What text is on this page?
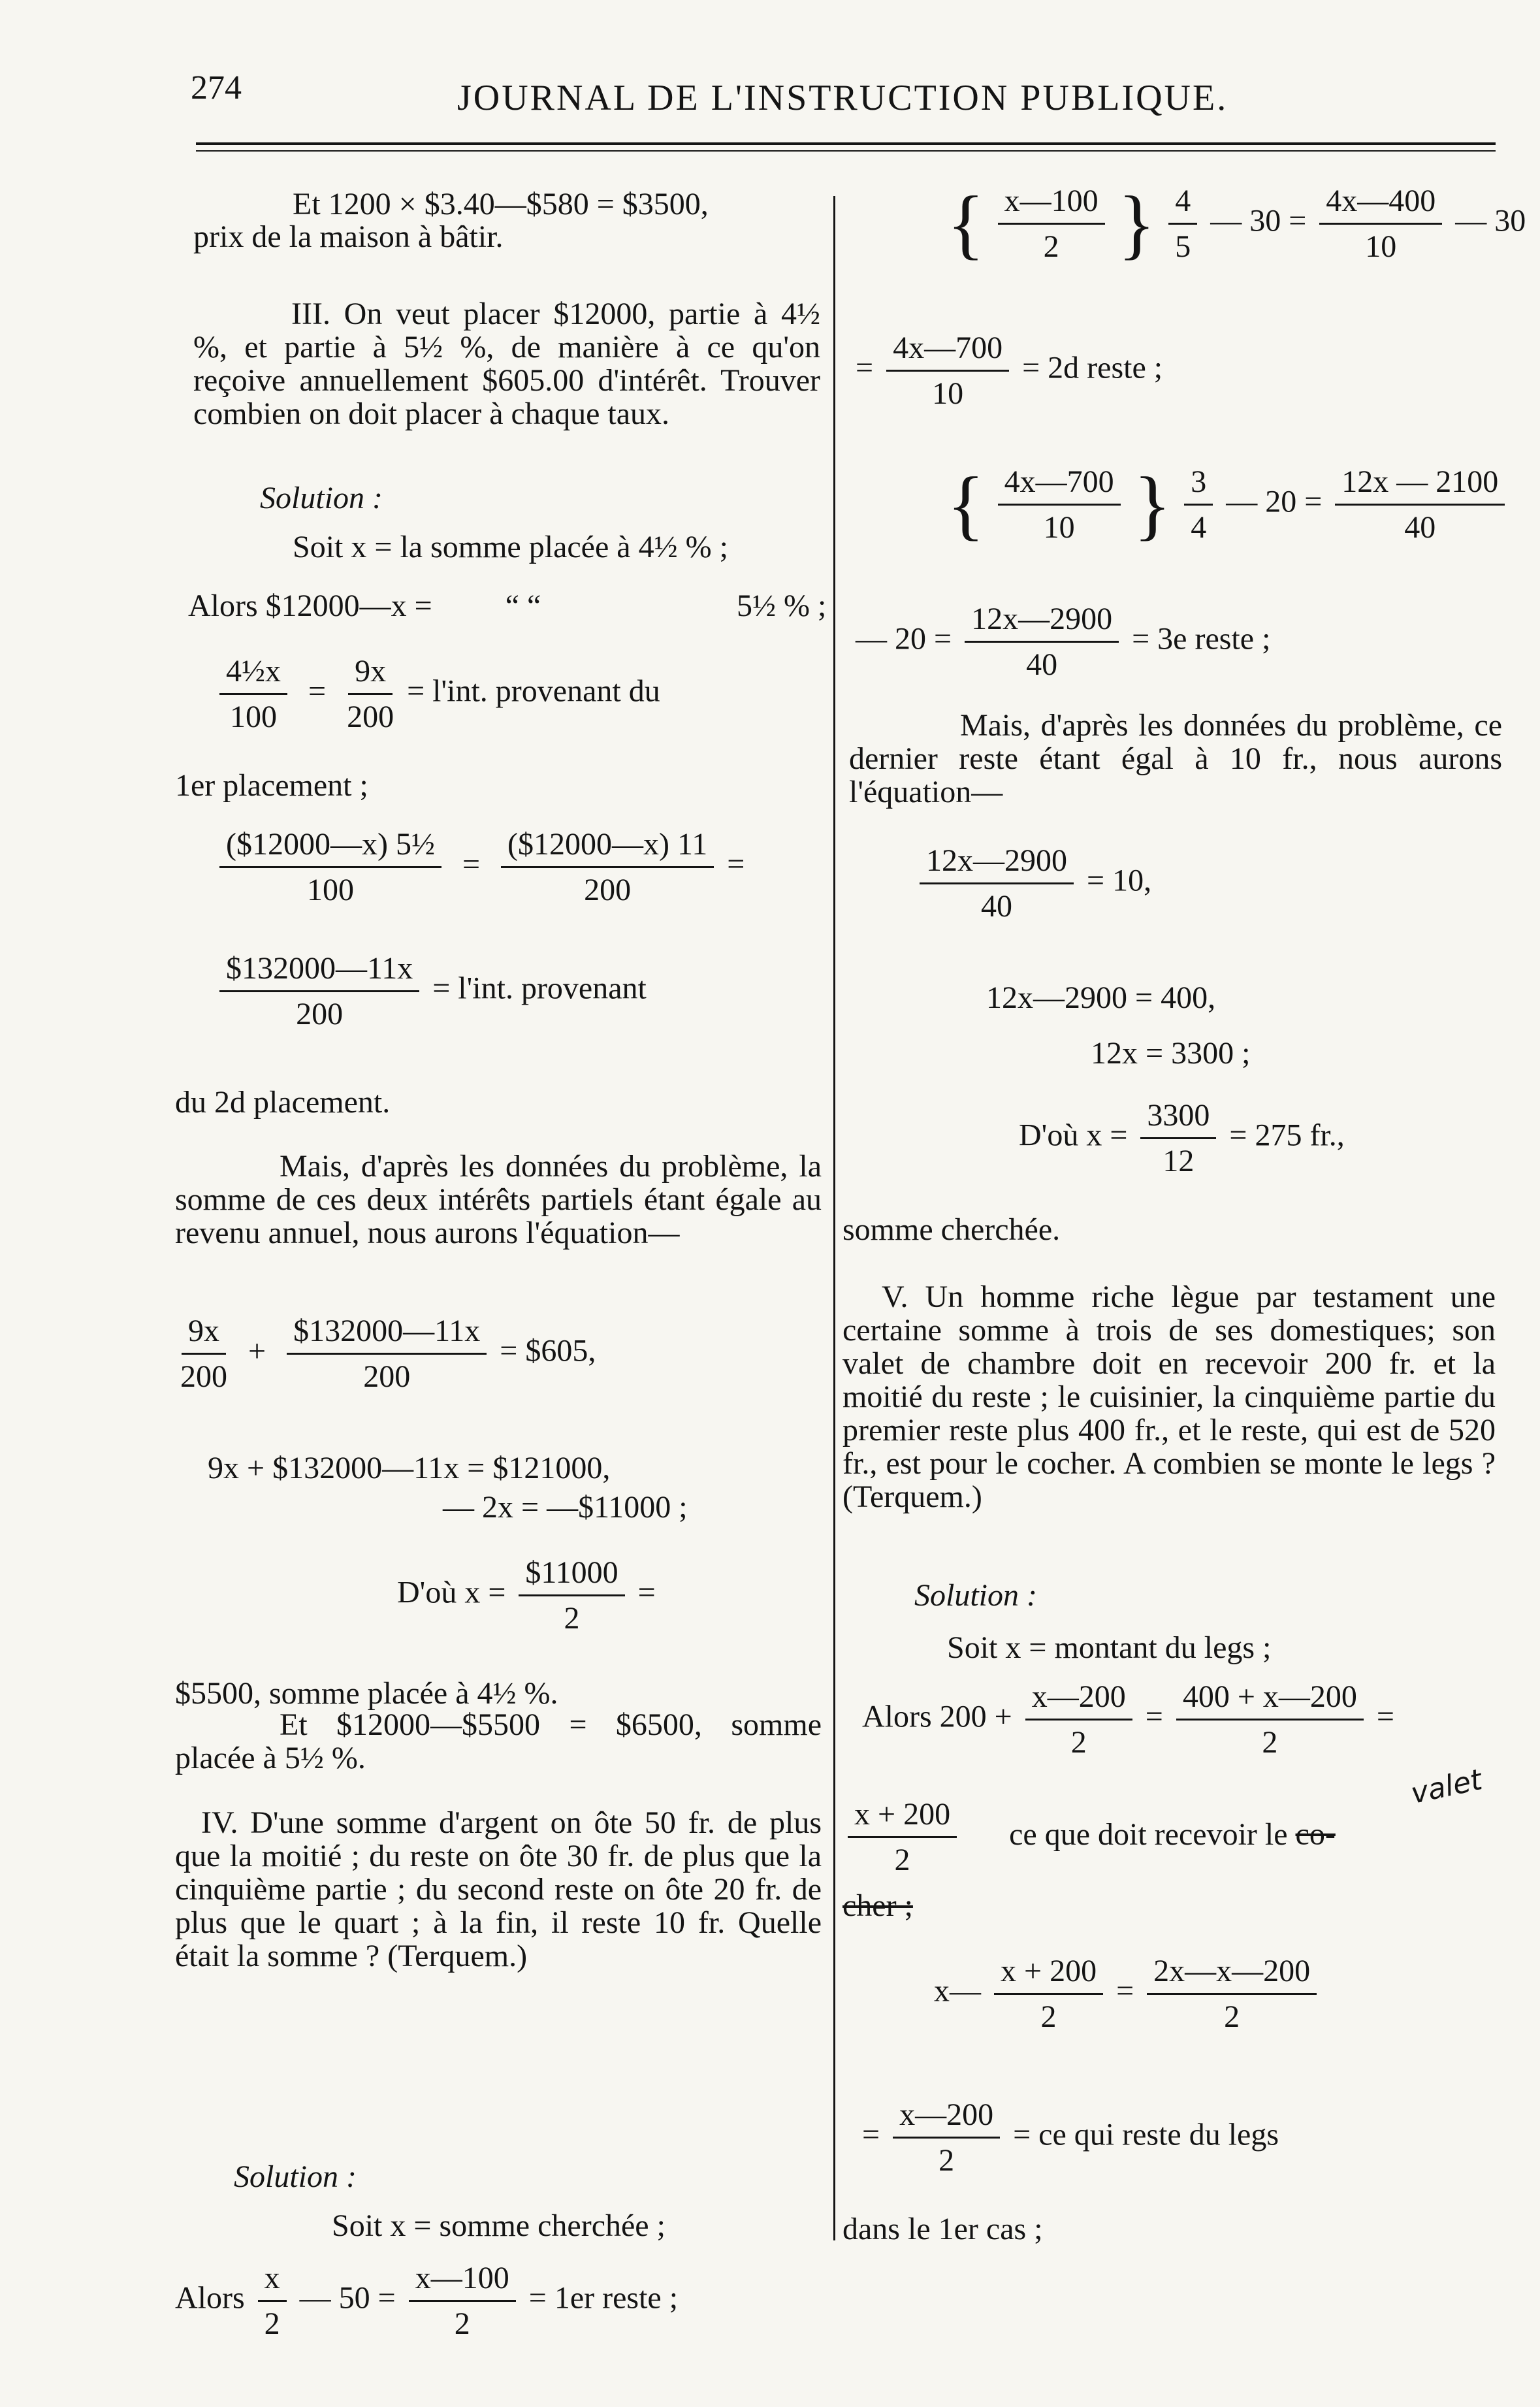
274	JOURNAL DE L'INSTRUCTION PUBLIQUE.
Et 1200 × $3.40—$580 = $3500,
prix de la maison à bâtir.
III. On veut placer $12000, partie à 4½ %, et partie à 5½ %, de manière à ce qu'on reçoive annuellement $605.00 d'intérêt. Trouver combien on doit placer à chaque taux.
Solution :
Soit x = la somme placée à 4½ % ;
Alors $12000—x = “ “	5½ % ;
$\frac{\text{4½x}}{100} = \frac{9x}{200} = l'int$. provenant du
1er placement ;
$\frac{\text{(\$12000—x) 5½}}{100} = \frac{(\$12000—x) 11}{200}$ =
$\frac{\$132000—11x}{200} = l'int$. provenant
du 2d placement.
Mais, d'après les données du problème, la somme de ces deux intérêts partiels étant égale au revenu annuel, nous aurons l'équation—
$\frac{9x}{200} + \frac{\$132000—11x}{200}$ = $605,
9x + $132000—11x = $121000,
— 2x = —$11000 ;
D'où $x = \frac{\$11000}{2}$ =
$5500, somme placée à 4½ %.
Et $12000—$5500 = $6500, somme placée à 5½ %.
IV. D'une somme d'argent on ôte 50 fr. de plus que la moitié ; du reste on ôte 30 fr. de plus que la cinquième partie ; du second reste on ôte 20 fr. de plus que le quart ; à la fin, il reste 10 fr. Quelle était la somme ? (Terquem.)
Solution :
Soit x = somme cherchée ;
Alors $\frac{x}{2}$ — $50 = \frac{x—100}{2} = 1er$ reste ;
{ $\frac{x—100}{2}$ } $\frac{4}{5}$ — $30 = \frac{4x—400}{10}$ — 30
= $\frac{4x—700}{10} = 2d$ reste ;
{ $\frac{4x—700}{10}$ } $\frac{3}{4}$ — $20 = \frac{12x — 2100}{40}$
— $20 = \frac{12x—2900}{40} = 3e$ reste ;
Mais, d'après les données du problème, ce dernier reste étant égal à 10 fr., nous aurons l'équation—
$\frac{12x—2900}{40} = 10$,
12x—2900 = 400,
12x = 3300 ;
D'où $x = \frac{3300}{12} = 275$ fr.,
somme cherchée.
V. Un homme riche lègue par testament une certaine somme à trois de ses domestiques; son valet de chambre doit en recevoir 200 fr. et la moitié du reste ; le cuisinier, la cinquième partie du premier reste plus 400 fr., et le reste, qui est de 520 fr., est pour le cocher. A combien se monte le legs ? (Terquem.)
Solution :
Soit x = montant du legs ;
Alors $200 + \frac{x—200}{2} = \frac{400 + x—200}{2}$ =
$\frac{x + 200}{2}$ ce que doit recevoir le co-
valet
cher ;
x— $\frac{x + 200}{2} = \frac{2x—x—200}{2}$
= $\frac{x—200}{2}$ = ce qui reste du legs
dans le 1er cas ;
